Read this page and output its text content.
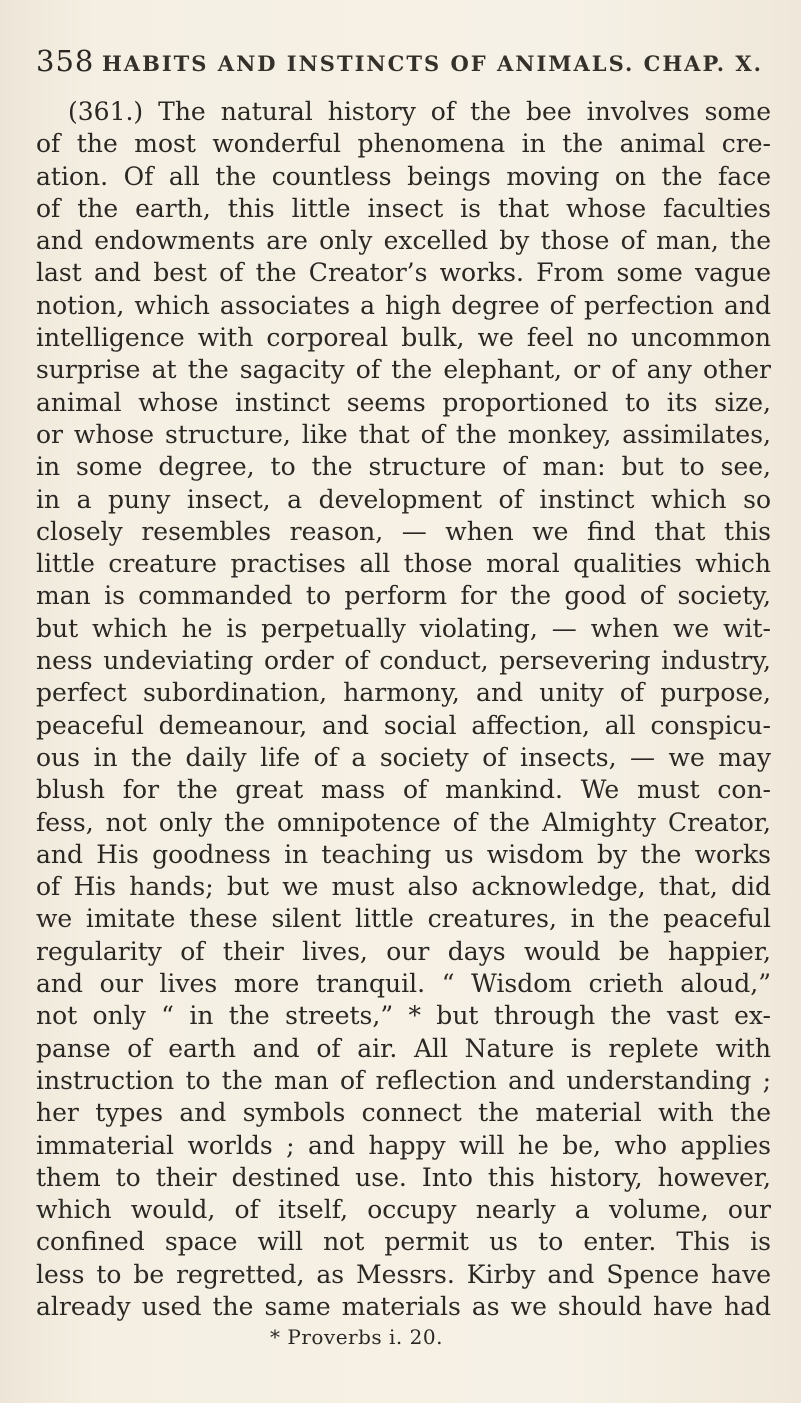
358 HABITS AND INSTINCTS OF ANIMALS. CHAP. X.
(361.) The natural history of the bee involves some
of the most wonderful phenomena in the animal cre-
ation. Of all the countless beings moving on the face
of the earth, this little insect is that whose faculties
and endowments are only excelled by those of man, the
last and best of the Creator’s works. From some vague
notion, which associates a high degree of perfection and
intelligence with corporeal bulk, we feel no uncommon
surprise at the sagacity of the elephant, or of any other
animal whose instinct seems proportioned to its size,
or whose structure, like that of the monkey, assimilates,
in some degree, to the structure of man: but to see,
in a puny insect, a development of instinct which so
closely resembles reason, — when we find that this
little creature practises all those moral qualities which
man is commanded to perform for the good of society,
but which he is perpetually violating, — when we wit-
ness undeviating order of conduct, persevering industry,
perfect subordination, harmony, and unity of purpose,
peaceful demeanour, and social affection, all conspicu-
ous in the daily life of a society of insects, — we may
blush for the great mass of mankind. We must con-
fess, not only the omnipotence of the Almighty Creator,
and His goodness in teaching us wisdom by the works
of His hands; but we must also acknowledge, that, did
we imitate these silent little creatures, in the peaceful
regularity of their lives, our days would be happier,
and our lives more tranquil. “ Wisdom crieth aloud,”
not only “ in the streets,” * but through the vast ex-
panse of earth and of air. All Nature is replete with
instruction to the man of reflection and understanding ;
her types and symbols connect the material with the
immaterial worlds ; and happy will he be, who applies
them to their destined use. Into this history, however,
which would, of itself, occupy nearly a volume, our
confined space will not permit us to enter. This is
less to be regretted, as Messrs. Kirby and Spence have
already used the same materials as we should have had
* Proverbs i. 20.
